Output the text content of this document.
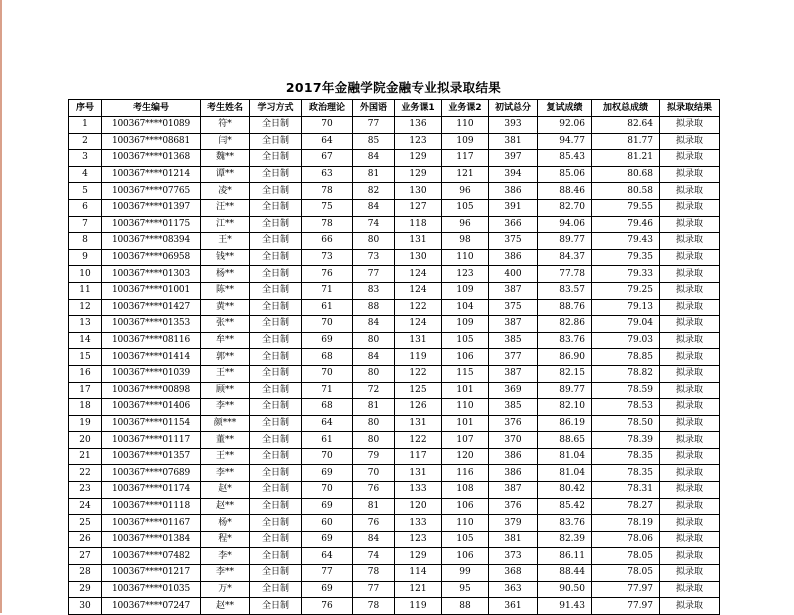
2017年金融学院金融专业拟录取结果
序号	考生编号	考生姓名	学习方式	政治理论	外国语	业务课1	业务课2	初试总分	复试成绩	加权总成绩	拟录取结果
1	100367****01089	符*	全日制	70	77	136	110	393	92.06	82.64	拟录取
2	100367****08681	闫*	全日制	64	85	123	109	381	94.77	81.77	拟录取
3	100367****01368	魏**	全日制	67	84	129	117	397	85.43	81.21	拟录取
4	100367****01214	谭**	全日制	63	81	129	121	394	85.06	80.68	拟录取
5	100367****07765	凌*	全日制	78	82	130	96	386	88.46	80.58	拟录取
6	100367****01397	汪**	全日制	75	84	127	105	391	82.70	79.55	拟录取
7	100367****01175	江**	全日制	78	74	118	96	366	94.06	79.46	拟录取
8	100367****08394	王*	全日制	66	80	131	98	375	89.77	79.43	拟录取
9	100367****06958	钱**	全日制	73	73	130	110	386	84.37	79.35	拟录取
10	100367****01303	杨**	全日制	76	77	124	123	400	77.78	79.33	拟录取
11	100367****01001	陈**	全日制	71	83	124	109	387	83.57	79.25	拟录取
12	100367****01427	黄**	全日制	61	88	122	104	375	88.76	79.13	拟录取
13	100367****01353	张**	全日制	70	84	124	109	387	82.86	79.04	拟录取
14	100367****08116	牟**	全日制	69	80	131	105	385	83.76	79.03	拟录取
15	100367****01414	郭**	全日制	68	84	119	106	377	86.90	78.85	拟录取
16	100367****01039	王**	全日制	70	80	122	115	387	82.15	78.82	拟录取
17	100367****00898	顾**	全日制	71	72	125	101	369	89.77	78.59	拟录取
18	100367****01406	李**	全日制	68	81	126	110	385	82.10	78.53	拟录取
19	100367****01154	颜***	全日制	64	80	131	101	376	86.19	78.50	拟录取
20	100367****01117	董**	全日制	61	80	122	107	370	88.65	78.39	拟录取
21	100367****01357	王**	全日制	70	79	117	120	386	81.04	78.35	拟录取
22	100367****07689	李**	全日制	69	70	131	116	386	81.04	78.35	拟录取
23	100367****01174	赵*	全日制	70	76	133	108	387	80.42	78.31	拟录取
24	100367****01118	赵**	全日制	69	81	120	106	376	85.42	78.27	拟录取
25	100367****01167	杨*	全日制	60	76	133	110	379	83.76	78.19	拟录取
26	100367****01384	程*	全日制	69	84	123	105	381	82.39	78.06	拟录取
27	100367****07482	李*	全日制	64	74	129	106	373	86.11	78.05	拟录取
28	100367****01217	李**	全日制	77	78	114	99	368	88.44	78.05	拟录取
29	100367****01035	万*	全日制	69	77	121	95	363	90.50	77.97	拟录取
30	100367****07247	赵**	全日制	76	78	119	88	361	91.43	77.97	拟录取
